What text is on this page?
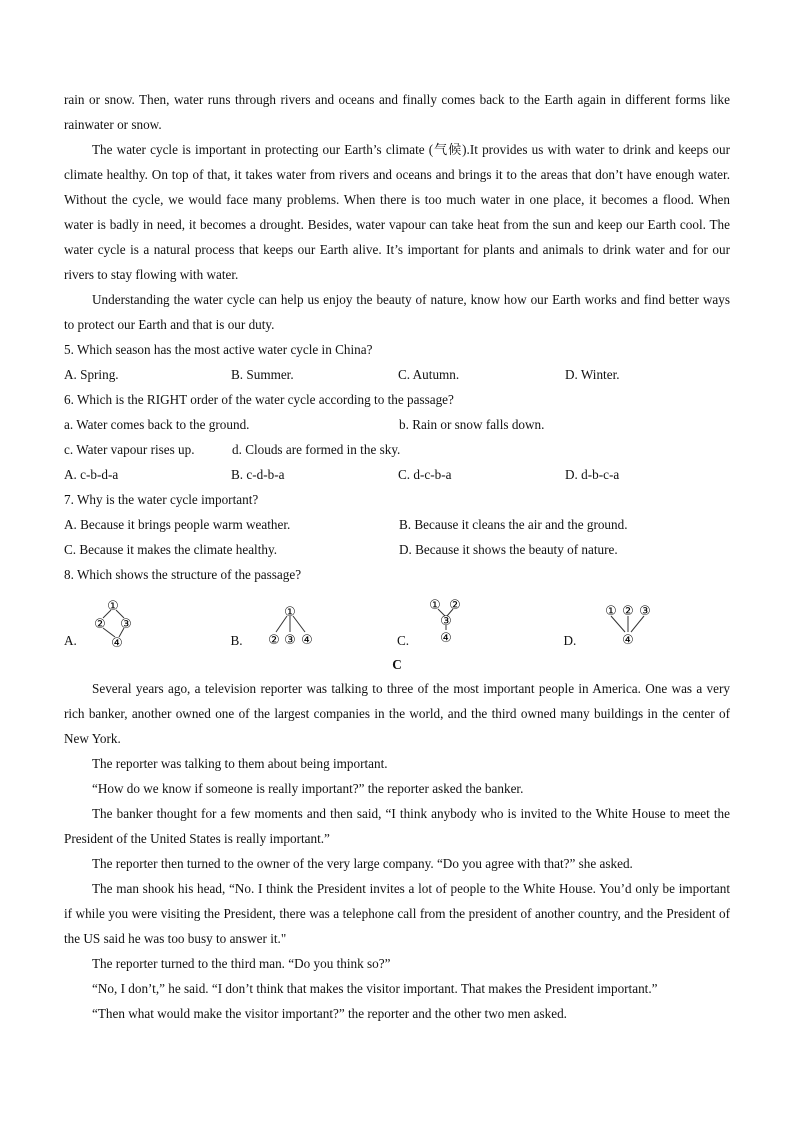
rain or snow. Then, water runs through rivers and oceans and finally comes back to the Earth again in different forms like rainwater or snow.

The water cycle is important in protecting our Earth’s climate (气候).It provides us with water to drink and keeps our climate healthy. On top of that, it takes water from rivers and oceans and brings it to the areas that don’t have enough water. Without the cycle, we would face many problems. When there is too much water in one place, it becomes a flood. When water is badly in need, it becomes a drought. Besides, water vapour can take heat from the sun and keep our Earth cool. The water cycle is a natural process that keeps our Earth alive. It’s important for plants and animals to drink water and for our rivers to stay flowing with water.

Understanding the water cycle can help us enjoy the beauty of nature, know how our Earth works and find better ways to protect our Earth and that is our duty.

5. Which season has the most active water cycle in China?
A. Spring.	B. Summer.	C. Autumn.	D. Winter.
6. Which is the RIGHT order of the water cycle according to the passage?
a. Water comes back to the ground.	b. Rain or snow falls down.
c. Water vapour rises up.	d. Clouds are formed in the sky.
A. c-b-d-a	B. c-d-b-a	C. d-c-b-a	D. d-b-c-a
7. Why is the water cycle important?
A. Because it brings people warm weather.	B. Because it cleans the air and the ground.
C. Because it makes the climate healthy.	D. Because it shows the beauty of nature.
8. Which shows the structure of the passage?
A.
①
② ③
④	B.
①
② ③ ④	C.
① ②
③
④	D.
① ② ③
④
C

Several years ago, a television reporter was talking to three of the most important people in America. One was a very rich banker, another owned one of the largest companies in the world, and the third owned many buildings in the center of New York.

The reporter was talking to them about being important.

“How do we know if someone is really important?” the reporter asked the banker.

The banker thought for a few moments and then said, “I think anybody who is invited to the White House to meet the President of the United States is really important.”

The reporter then turned to the owner of the very large company. “Do you agree with that?” she asked.

The man shook his head, “No. I think the President invites a lot of people to the White House. You’d only be important if while you were visiting the President, there was a telephone call from the president of another country, and the President of the US said he was too busy to answer it."

The reporter turned to the third man. “Do you think so?”

“No, I don’t,” he said. “I don’t think that makes the visitor important. That makes the President important.”

“Then what would make the visitor important?” the reporter and the other two men asked.
